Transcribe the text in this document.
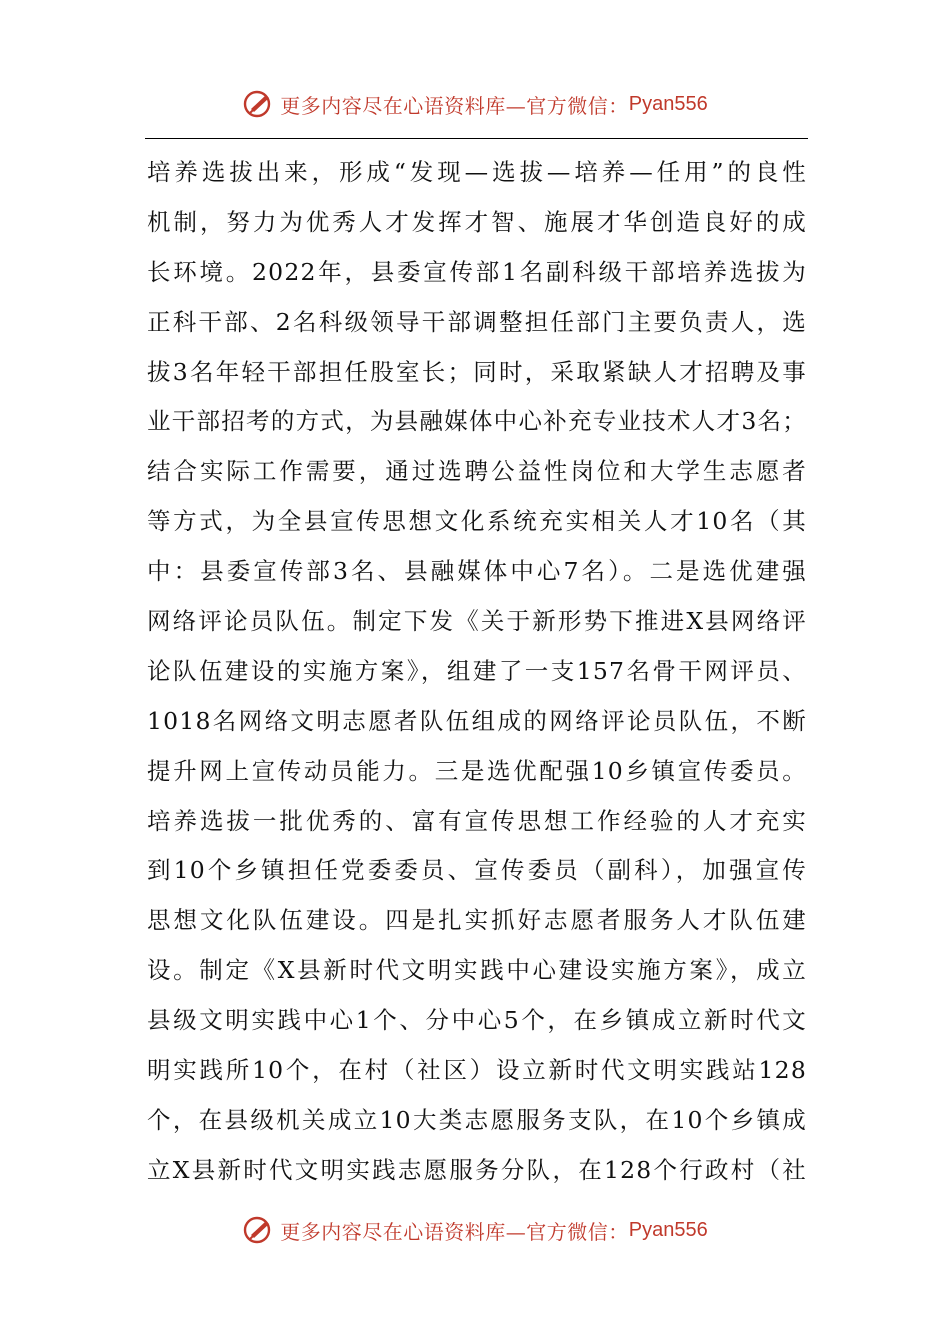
更多内容尽在心语资料库—官方微信： Pyan556
培养选拔出来，形成“发现—选拔—培养—任用”的良性
机制，努力为优秀人才发挥才智、施展才华创造良好的成
长环境。2022年，县委宣传部1名副科级干部培养选拔为
正科干部、2名科级领导干部调整担任部门主要负责人，选
拔3名年轻干部担任股室长；同时，采取紧缺人才招聘及事
业干部招考的方式，为县融媒体中心补充专业技术人才3名；
结合实际工作需要，通过选聘公益性岗位和大学生志愿者
等方式，为全县宣传思想文化系统充实相关人才10名（其
中：县委宣传部3名、县融媒体中心7名）。二是选优建强
网络评论员队伍。制定下发《关于新形势下推进X县网络评
论队伍建设的实施方案》，组建了一支157名骨干网评员、
1018名网络文明志愿者队伍组成的网络评论员队伍，不断
提升网上宣传动员能力。三是选优配强10乡镇宣传委员。
培养选拔一批优秀的、富有宣传思想工作经验的人才充实
到10个乡镇担任党委委员、宣传委员（副科），加强宣传
思想文化队伍建设。四是扎实抓好志愿者服务人才队伍建
设。制定《X县新时代文明实践中心建设实施方案》，成立
县级文明实践中心1个、分中心5个，在乡镇成立新时代文
明实践所10个，在村（社区）设立新时代文明实践站128
个，在县级机关成立10大类志愿服务支队，在10个乡镇成
立X县新时代文明实践志愿服务分队，在128个行政村（社
更多内容尽在心语资料库—官方微信： Pyan556
